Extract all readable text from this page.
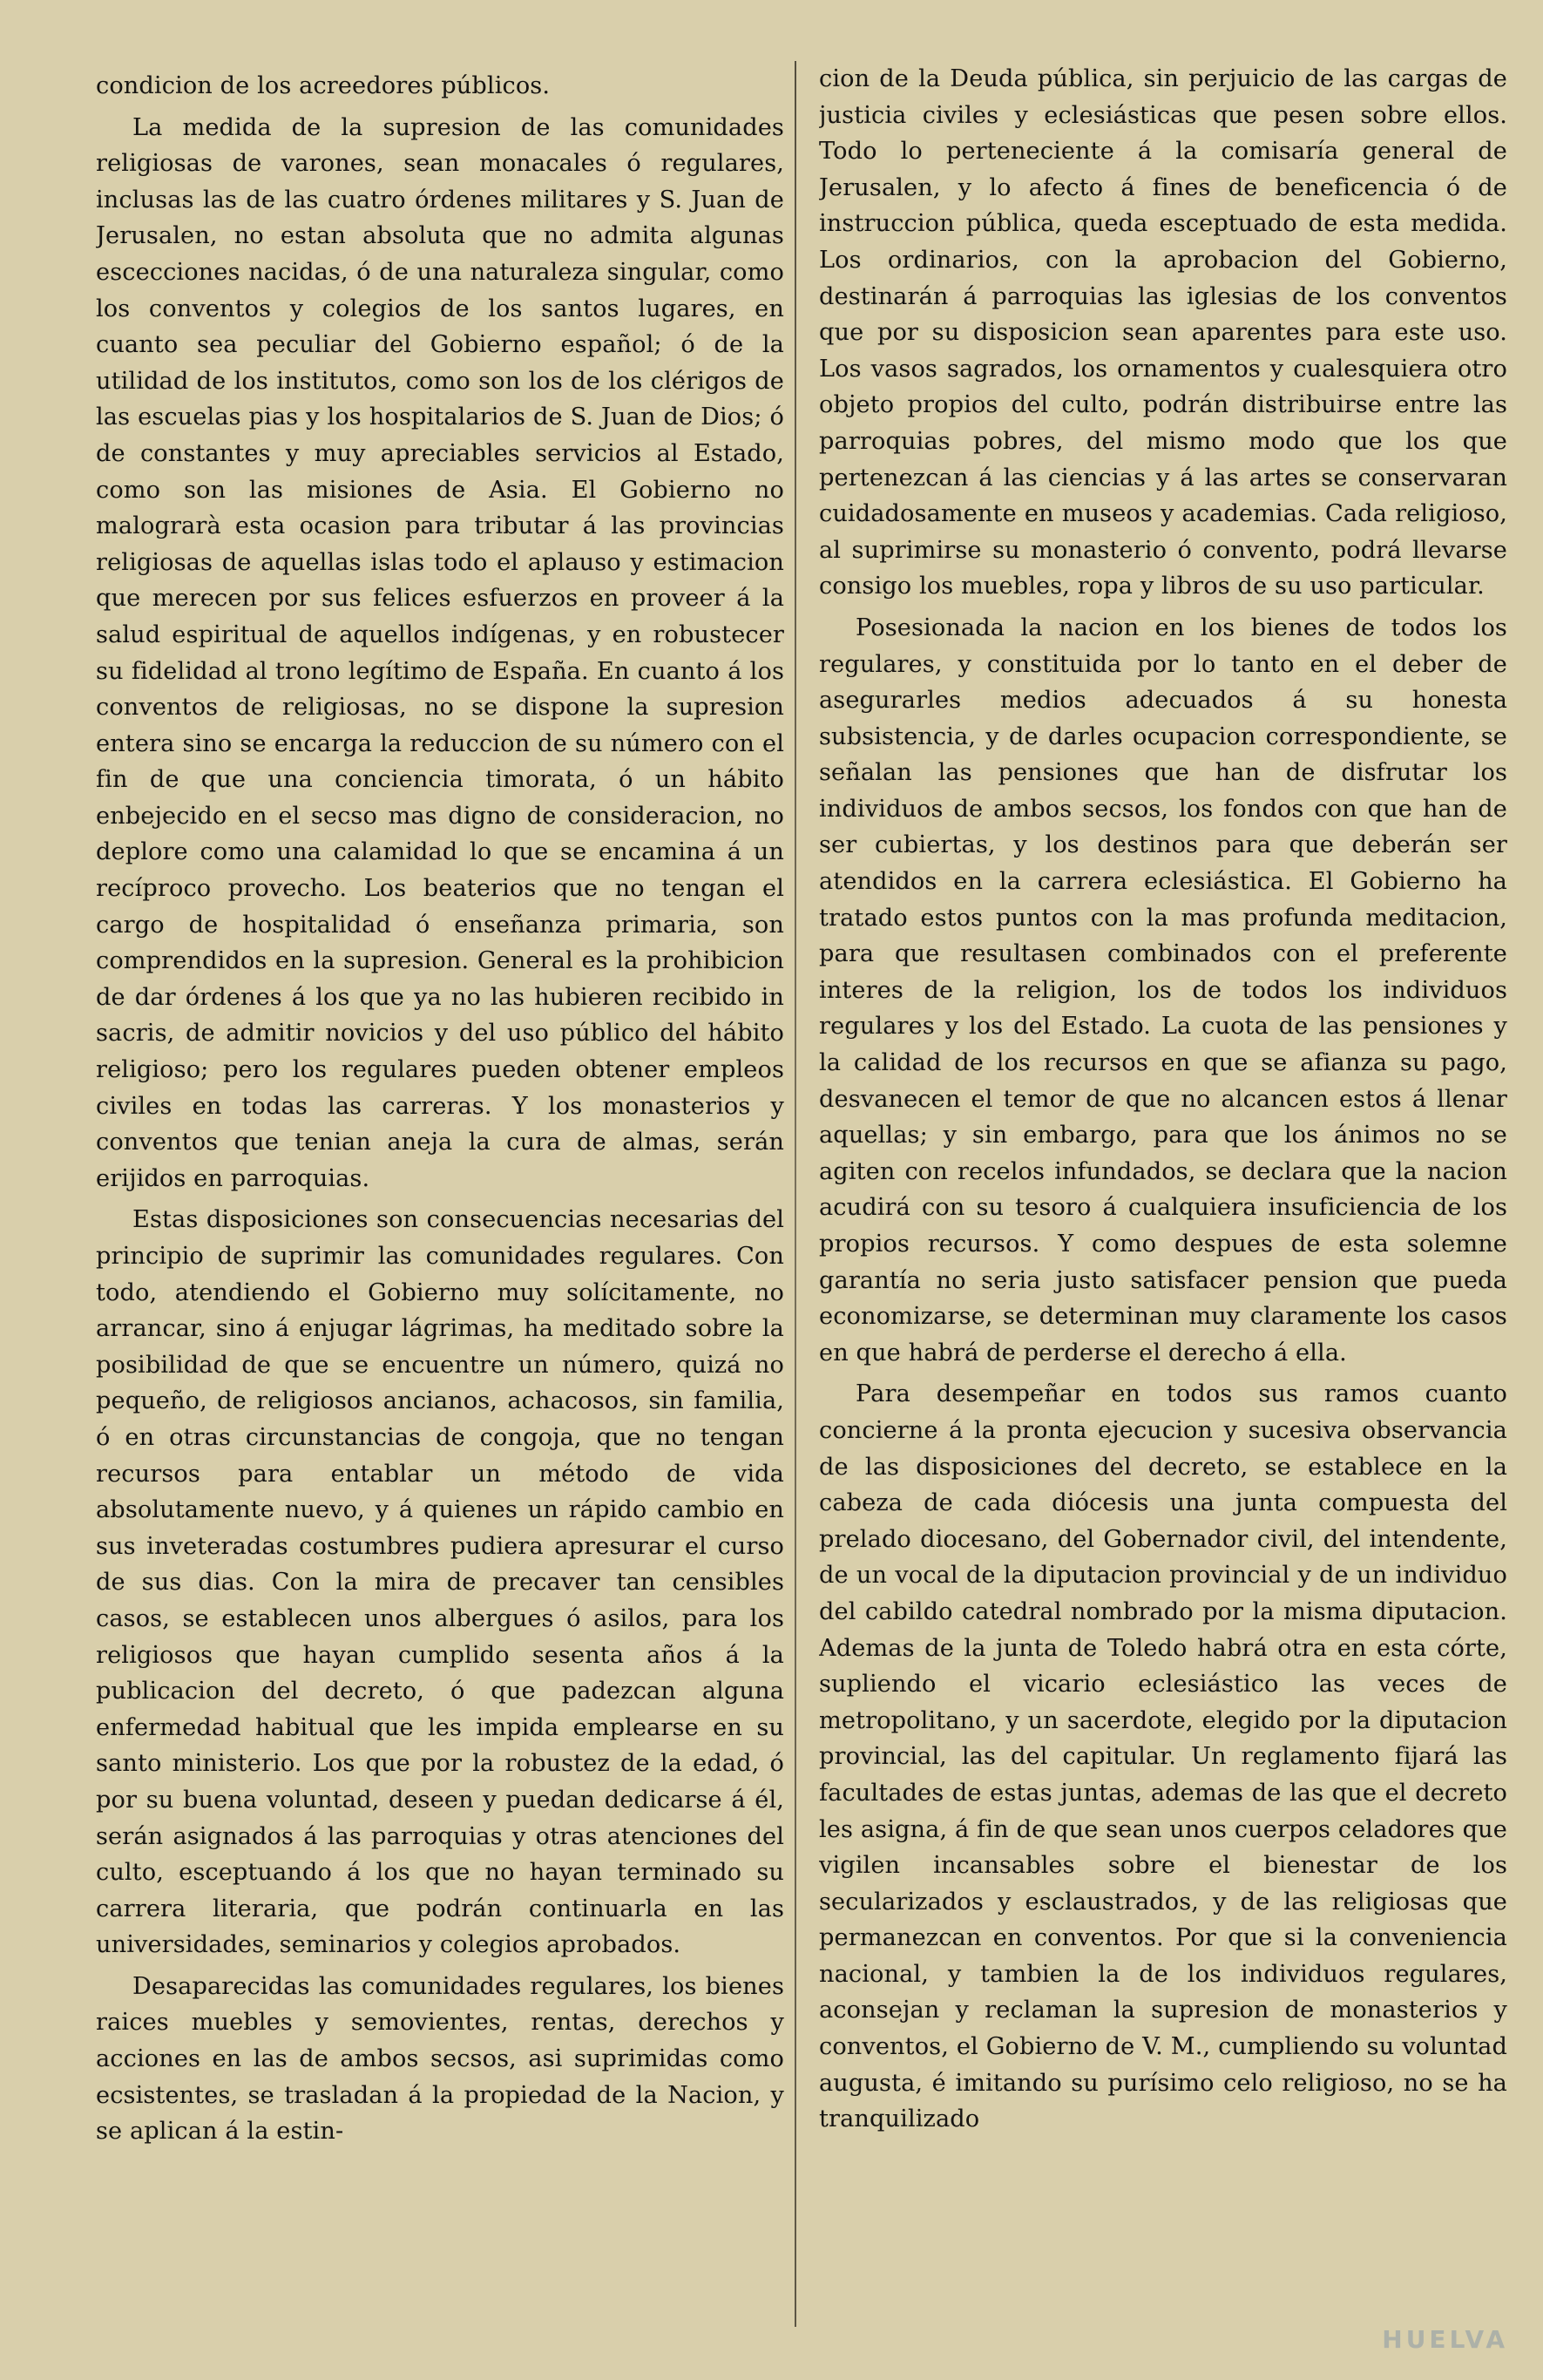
condicion de los acreedores públicos.

La medida de la supresion de las comunidades religiosas de varones, sean monacales ó regulares, inclusas las de las cuatro órdenes militares y S. Juan de Jerusalen, no estan absoluta que no admita algunas escecciones nacidas, ó de una naturaleza singular, como los conventos y colegios de los santos lugares, en cuanto sea peculiar del Gobierno español; ó de la utilidad de los institutos, como son los de los clérigos de las escuelas pias y los hospitalarios de S. Juan de Dios; ó de constantes y muy apreciables servicios al Estado, como son las misiones de Asia. El Gobierno no malograrà esta ocasion para tributar á las provincias religiosas de aquellas islas todo el aplauso y estimacion que merecen por sus felices esfuerzos en proveer á la salud espiritual de aquellos indígenas, y en robustecer su fidelidad al trono legítimo de España. En cuanto á los conventos de religiosas, no se dispone la supresion entera sino se encarga la reduccion de su número con el fin de que una conciencia timorata, ó un hábito enbejecido en el secso mas digno de consideracion, no deplore como una calamidad lo que se encamina á un recíproco provecho. Los beaterios que no tengan el cargo de hospitalidad ó enseñanza primaria, son comprendidos en la supresion. General es la prohibicion de dar órdenes á los que ya no las hubieren recibido in sacris, de admitir novicios y del uso público del hábito religioso; pero los regulares pueden obtener empleos civiles en todas las carreras. Y los monasterios y conventos que tenian aneja la cura de almas, serán erijidos en parroquias.

Estas disposiciones son consecuencias necesarias del principio de suprimir las comunidades regulares. Con todo, atendiendo el Gobierno muy solícitamente, no arrancar, sino á enjugar lágrimas, ha meditado sobre la posibilidad de que se encuentre un número, quizá no pequeño, de religiosos ancianos, achacosos, sin familia, ó en otras circunstancias de congoja, que no tengan recursos para entablar un método de vida absolutamente nuevo, y á quienes un rápido cambio en sus inveteradas costumbres pudiera apresurar el curso de sus dias. Con la mira de precaver tan censibles casos, se establecen unos albergues ó asilos, para los religiosos que hayan cumplido sesenta años á la publicacion del decreto, ó que padezcan alguna enfermedad habitual que les impida emplearse en su santo ministerio. Los que por la robustez de la edad, ó por su buena voluntad, deseen y puedan dedicarse á él, serán asignados á las parroquias y otras atenciones del culto, esceptuando á los que no hayan terminado su carrera literaria, que podrán continuarla en las universidades, seminarios y colegios aprobados.

Desaparecidas las comunidades regulares, los bienes raices muebles y semovientes, rentas, derechos y acciones en las de ambos secsos, asi suprimidas como ecsistentes, se trasladan á la propiedad de la Nacion, y se aplican á la estin-

cion de la Deuda pública, sin perjuicio de las cargas de justicia civiles y eclesiásticas que pesen sobre ellos. Todo lo perteneciente á la comisaría general de Jerusalen, y lo afecto á fines de beneficencia ó de instruccion pública, queda esceptuado de esta medida. Los ordinarios, con la aprobacion del Gobierno, destinarán á parroquias las iglesias de los conventos que por su disposicion sean aparentes para este uso. Los vasos sagrados, los ornamentos y cualesquiera otro objeto propios del culto, podrán distribuirse entre las parroquias pobres, del mismo modo que los que pertenezcan á las ciencias y á las artes se conservaran cuidadosamente en museos y academias. Cada religioso, al suprimirse su monasterio ó convento, podrá llevarse consigo los muebles, ropa y libros de su uso particular.

Posesionada la nacion en los bienes de todos los regulares, y constituida por lo tanto en el deber de asegurarles medios adecuados á su honesta subsistencia, y de darles ocupacion correspondiente, se señalan las pensiones que han de disfrutar los individuos de ambos secsos, los fondos con que han de ser cubiertas, y los destinos para que deberán ser atendidos en la carrera eclesiástica. El Gobierno ha tratado estos puntos con la mas profunda meditacion, para que resultasen combinados con el preferente interes de la religion, los de todos los individuos regulares y los del Estado. La cuota de las pensiones y la calidad de los recursos en que se afianza su pago, desvanecen el temor de que no alcancen estos á llenar aquellas; y sin embargo, para que los ánimos no se agiten con recelos infundados, se declara que la nacion acudirá con su tesoro á cualquiera insuficiencia de los propios recursos. Y como despues de esta solemne garantía no seria justo satisfacer pension que pueda economizarse, se determinan muy claramente los casos en que habrá de perderse el derecho á ella.

Para desempeñar en todos sus ramos cuanto concierne á la pronta ejecucion y sucesiva observancia de las disposiciones del decreto, se establece en la cabeza de cada diócesis una junta compuesta del prelado diocesano, del Gobernador civil, del intendente, de un vocal de la diputacion provincial y de un individuo del cabildo catedral nombrado por la misma diputacion. Ademas de la junta de Toledo habrá otra en esta córte, supliendo el vicario eclesiástico las veces de metropolitano, y un sacerdote, elegido por la diputacion provincial, las del capitular. Un reglamento fijará las facultades de estas juntas, ademas de las que el decreto les asigna, á fin de que sean unos cuerpos celadores que vigilen incansables sobre el bienestar de los secularizados y esclaustrados, y de las religiosas que permanezcan en conventos. Por que si la conveniencia nacional, y tambien la de los individuos regulares, aconsejan y reclaman la supresion de monasterios y conventos, el Gobierno de V. M., cumpliendo su voluntad augusta, é imitando su purísimo celo religioso, no se ha tranquilizado

HUELVA
